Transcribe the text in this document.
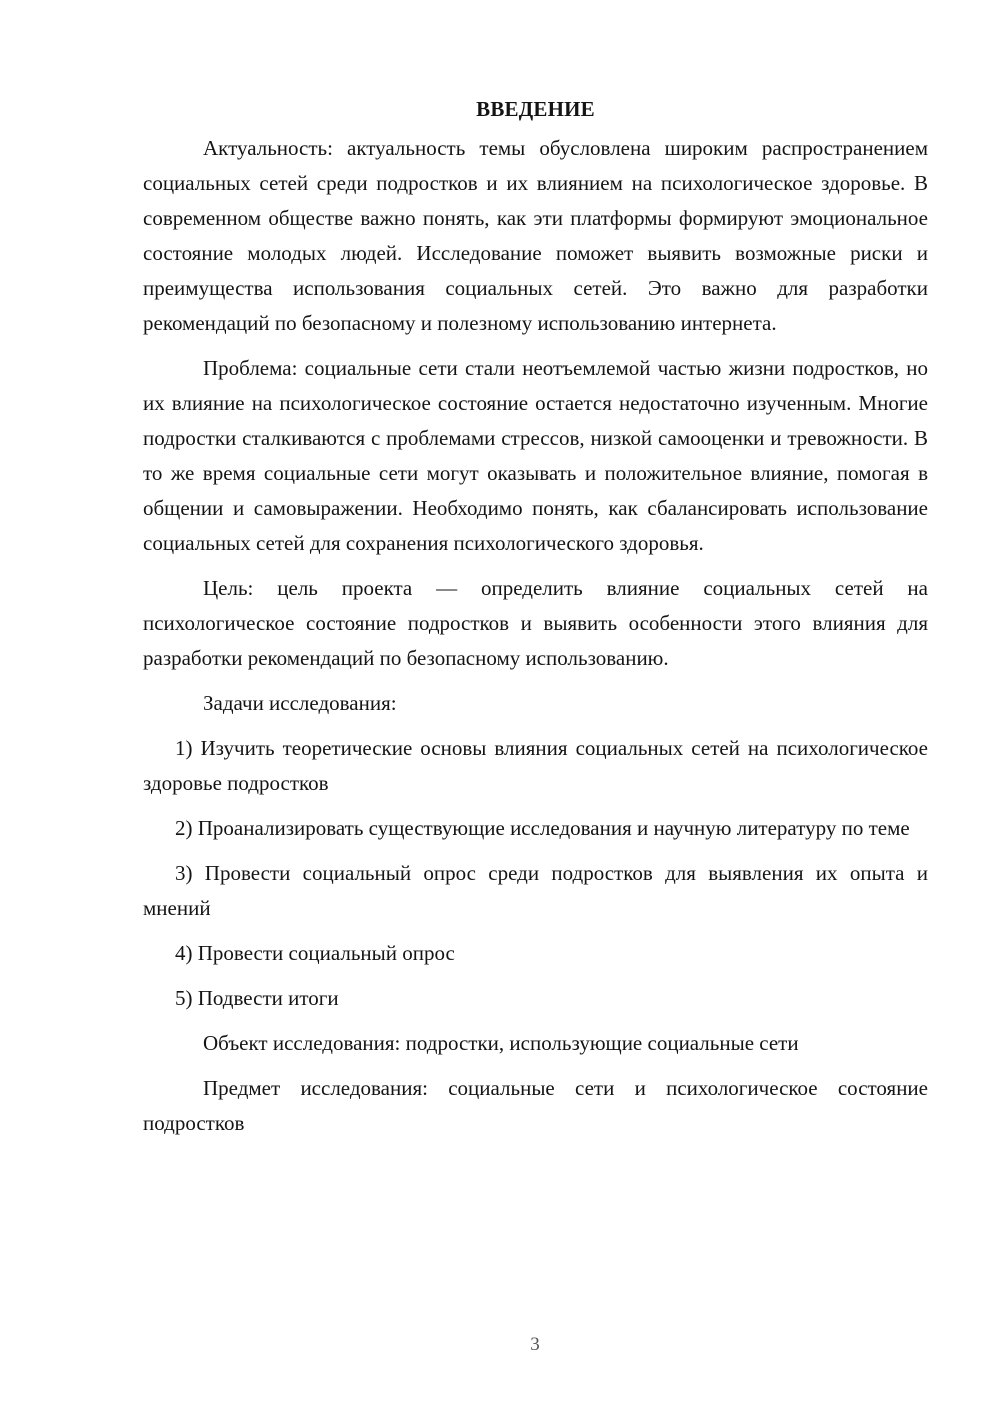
ВВЕДЕНИЕ

Актуальность: актуальность темы обусловлена широким распространением социальных сетей среди подростков и их влиянием на психологическое здоровье. В современном обществе важно понять, как эти платформы формируют эмоциональное состояние молодых людей. Исследование поможет выявить возможные риски и преимущества использования социальных сетей. Это важно для разработки рекомендаций по безопасному и полезному использованию интернета.

Проблема: социальные сети стали неотъемлемой частью жизни подростков, но их влияние на психологическое состояние остается недостаточно изученным. Многие подростки сталкиваются с проблемами стрессов, низкой самооценки и тревожности. В то же время социальные сети могут оказывать и положительное влияние, помогая в общении и самовыражении. Необходимо понять, как сбалансировать использование социальных сетей для сохранения психологического здоровья.

Цель: цель проекта — определить влияние социальных сетей на психологическое состояние подростков и выявить особенности этого влияния для разработки рекомендаций по безопасному использованию.

Задачи исследования:

1) Изучить теоретические основы влияния социальных сетей на психологическое здоровье подростков

2) Проанализировать существующие исследования и научную литературу по теме

3) Провести социальный опрос среди подростков для выявления их опыта и мнений

4) Провести социальный опрос

5) Подвести итоги

Объект исследования: подростки, использующие социальные сети

Предмет исследования: социальные сети и психологическое состояние подростков

3
